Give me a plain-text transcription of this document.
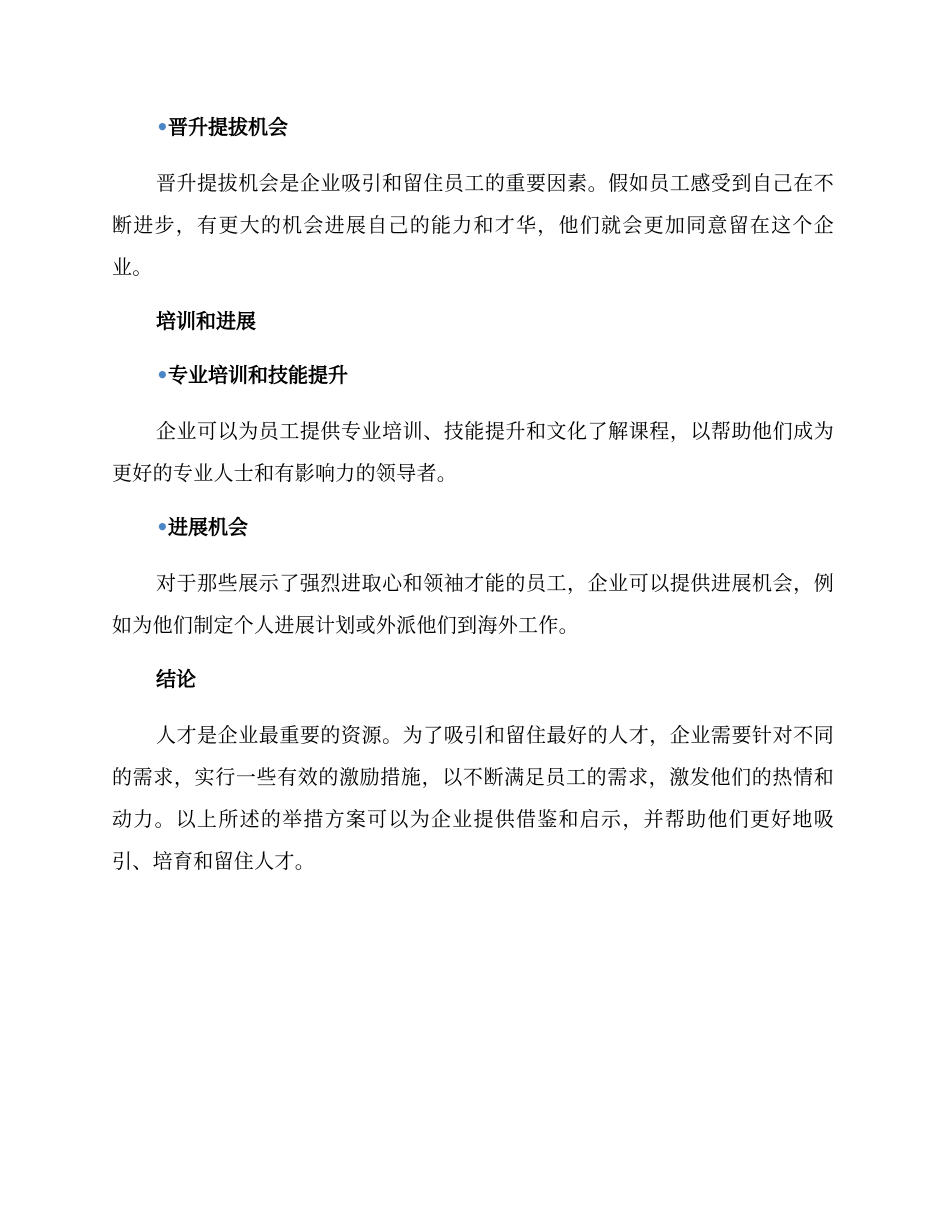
•晋升提拔机会

晋升提拔机会是企业吸引和留住员工的重要因素。假如员工感受到自己在不断进步，有更大的机会进展自己的能力和才华，他们就会更加同意留在这个企业。

培训和进展
•专业培训和技能提升

企业可以为员工提供专业培训、技能提升和文化了解课程，以帮助他们成为更好的专业人士和有影响力的领导者。

•进展机会

对于那些展示了强烈进取心和领袖才能的员工，企业可以提供进展机会，例如为他们制定个人进展计划或外派他们到海外工作。

结论

人才是企业最重要的资源。为了吸引和留住最好的人才，企业需要针对不同的需求，实行一些有效的激励措施，以不断满足员工的需求，激发他们的热情和动力。以上所述的举措方案可以为企业提供借鉴和启示，并帮助他们更好地吸引、培育和留住人才。
